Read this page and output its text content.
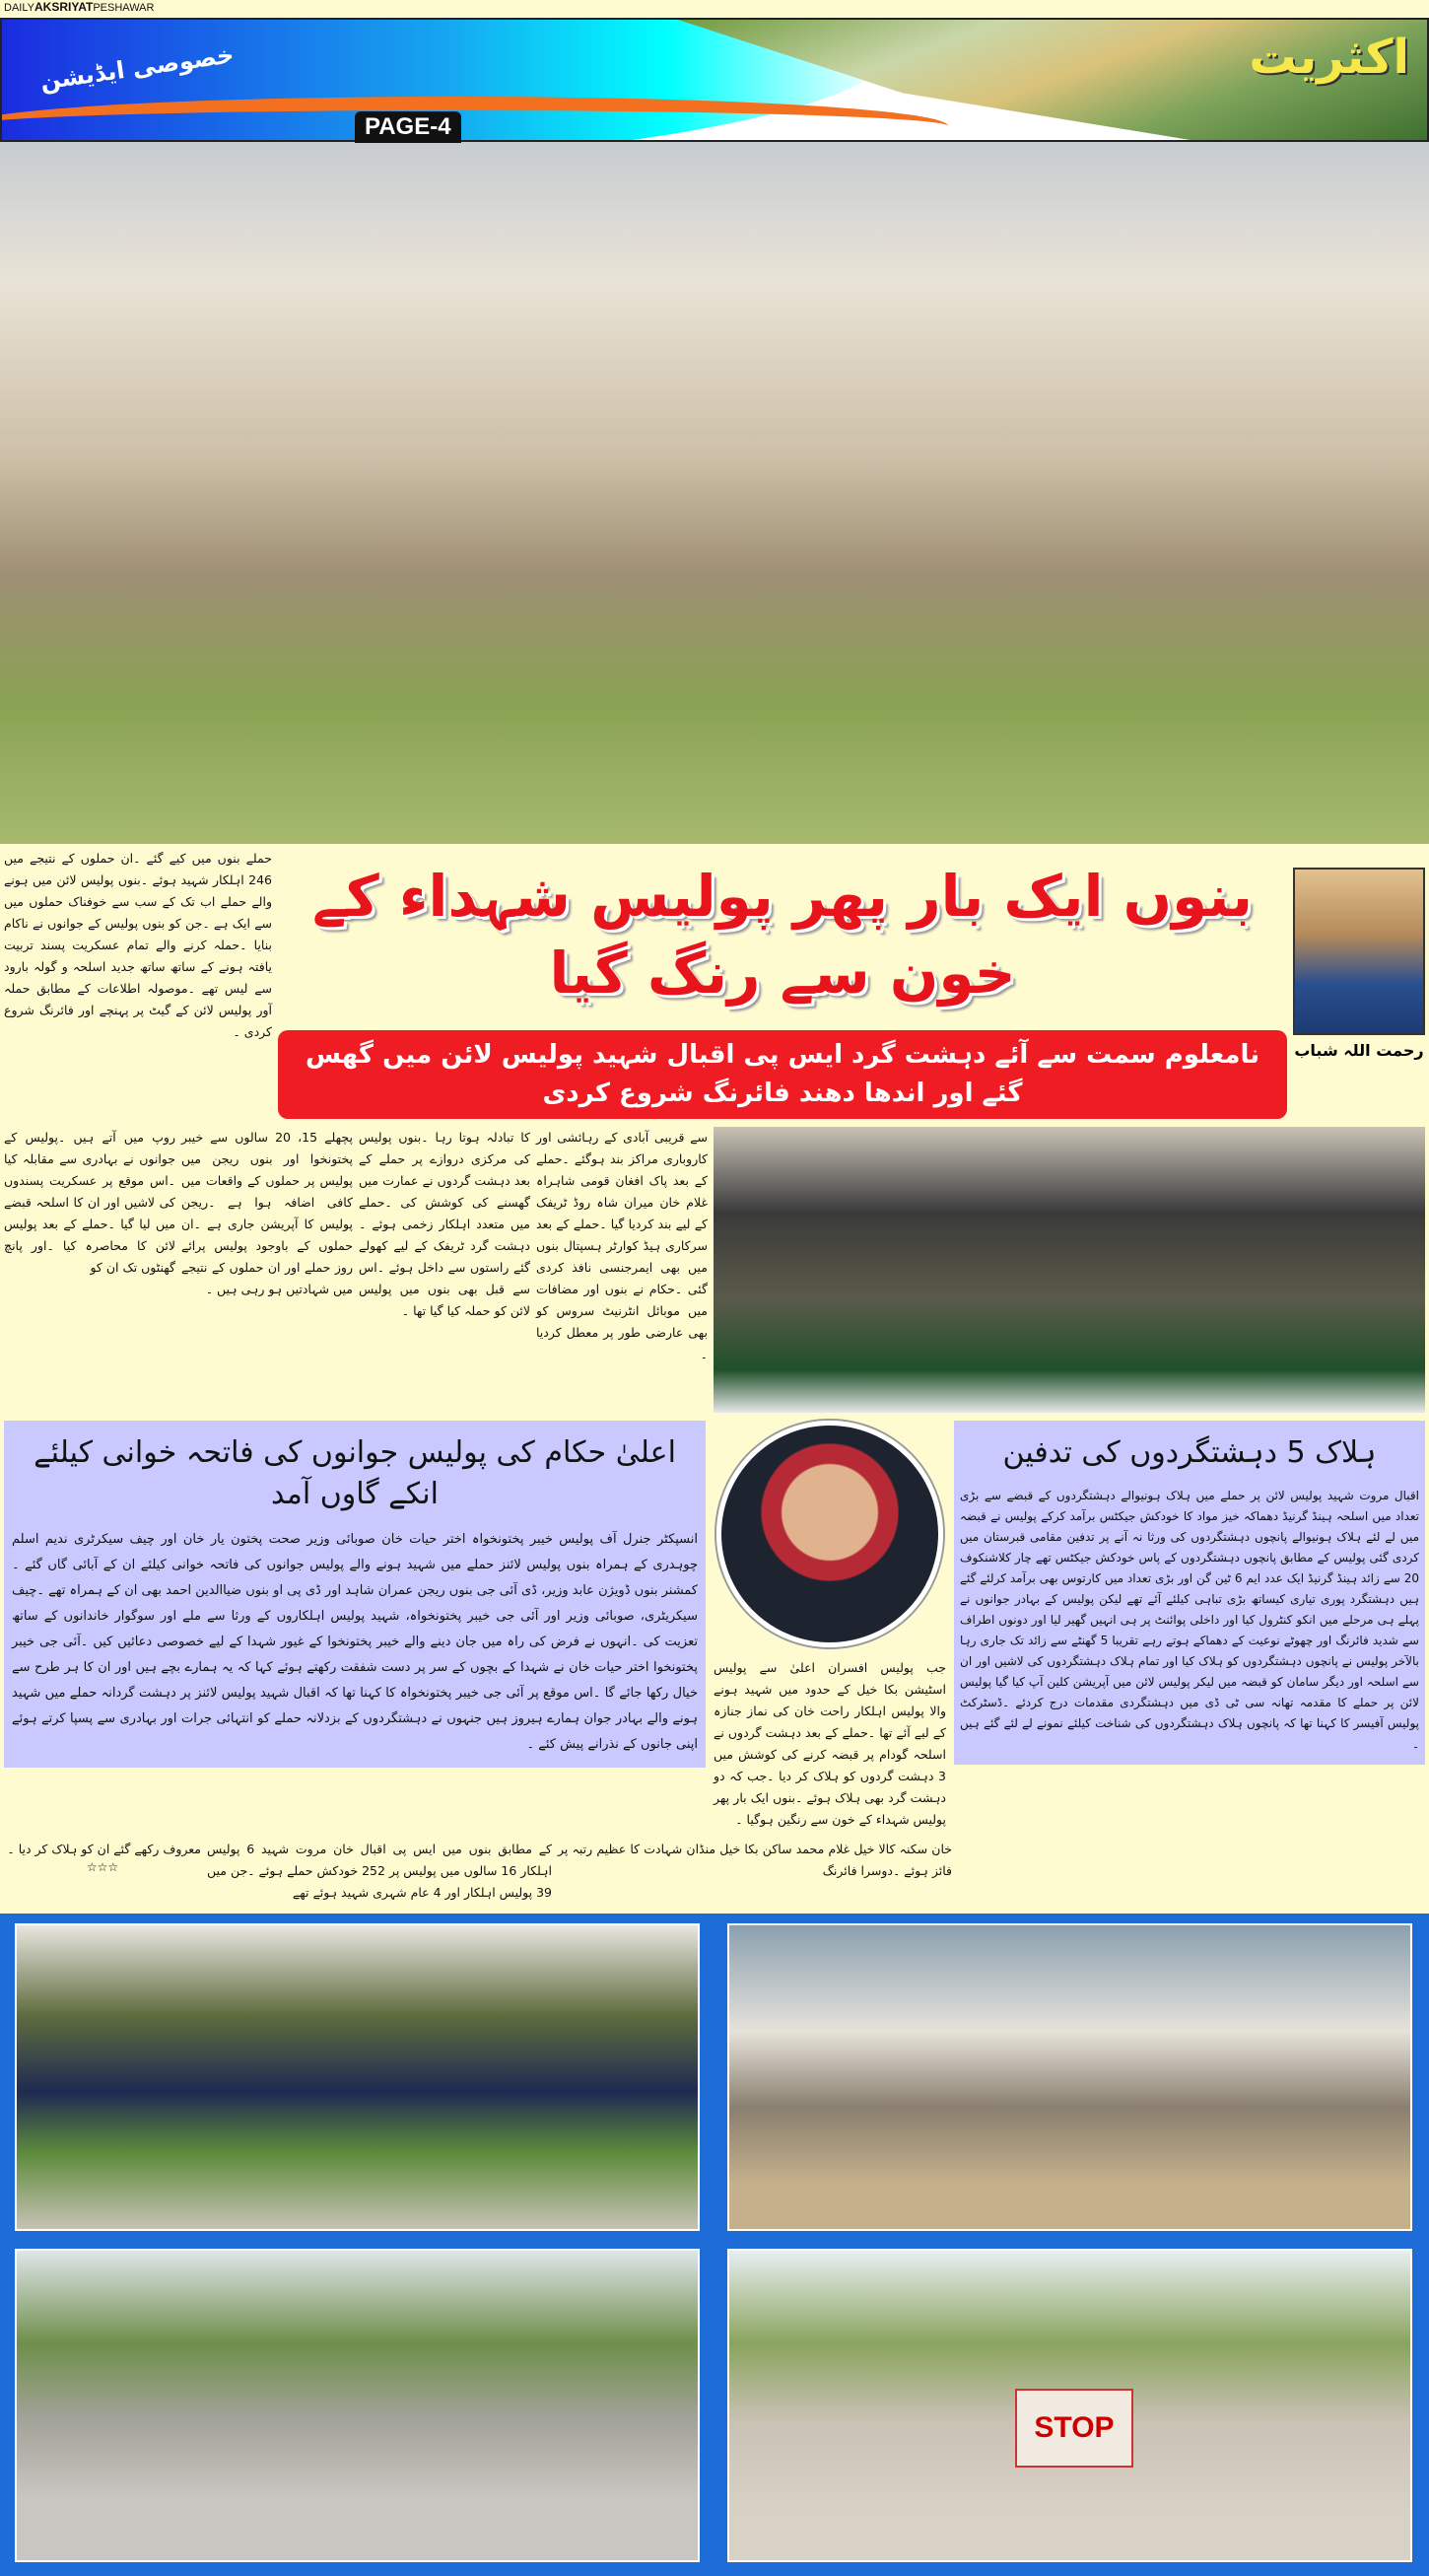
DAILYAKSRIYATPESHAWAR
خصوصی ایڈیشن	اکثریت
PAGE-4
حملے بنوں میں کیے گئے ۔ان حملوں کے نتیجے میں 246 اہلکار شہید ہوئے ۔بنوں پولیس لائن میں ہونے والے حملے اب تک کے سب سے خوفناک حملوں میں سے ایک ہے ۔جن کو بنوں پولیس کے جوانوں نے ناکام بنایا ۔حملہ کرنے والے تمام عسکریت پسند تربیت یافتہ ہونے کے ساتھ ساتھ جدید اسلحہ و گولہ بارود سے لیس تھے ۔موصولہ اطلاعات کے مطابق حملہ آور پولیس لائن کے گیٹ پر پہنچے اور فائرنگ شروع کردی ۔
بنوں ایک بار پھر پولیس شہداء کے خون سے رنگ گیا
نامعلوم سمت سے آئے دہشت گرد ایس پی اقبال شہید پولیس لائن میں گھس گئے اور اندھا دھند فائرنگ شروع کردی
رحمت اللہ شباب
روپ میں آتے ہیں ۔پولیس کے جوانوں نے بہادری سے مقابلہ کیا ۔اس موقع پر عسکریت پسندوں کی لاشیں اور ان کا اسلحہ قبضے میں لیا گیا ۔حملے کے بعد پولیس لائن کا محاصرہ کیا ۔اور پانچ گھنٹوں تک ان کو
پچھلے 15، 20 سالوں سے خیبر پختونخوا اور بنوں ریجن میں پولیس پر حملوں کے واقعات میں کافی اضافہ ہوا ہے ۔ریجن پولیس کا آپریشن جاری ہے ۔ان حملوں کے باوجود پولیس پرائے روز حملے اور ان حملوں کے نتیجے میں شہادتیں ہو رہی ہیں ۔
کا تبادلہ ہوتا رہا ۔بنوں پولیس کی مرکزی دروازے پر حملے کے بعد دہشت گردوں نے عمارت میں گھسنے کی کوشش کی ۔حملے میں متعدد اہلکار زخمی ہوئے ۔دہشت گرد ٹریفک کے لیے کھولے گئے راستوں سے داخل ہوئے ۔اس سے قبل بھی بنوں میں پولیس لائن کو حملہ کیا گیا تھا ۔
سے قریبی آبادی کے رہائشی اور کاروباری مراکز بند ہوگئے ۔حملے کے بعد پاک افغان قومی شاہراہ غلام خان میران شاہ روڈ ٹریفک کے لیے بند کردیا گیا ۔حملے کے بعد سرکاری ہیڈ کوارٹر ہسپتال بنوں میں بھی ایمرجنسی نافذ کردی گئی ۔حکام نے بنوں اور مضافات میں موبائل انٹرنیٹ سروس کو بھی عارضی طور پر معطل کردیا ۔
اعلیٰ حکام کی پولیس جوانوں کی فاتحہ خوانی کیلئے انکے گاوں آمد
انسپکٹر جنرل آف پولیس خیبر پختونخواہ اختر حیات خان صوبائی وزیر صحت پختون یار خان اور چیف سیکرٹری ندیم اسلم چوہدری کے ہمراہ بنوں پولیس لائنز حملے میں شہید ہونے والے پولیس جوانوں کی فاتحہ خوانی کیلئے ان کے آبائی گاں گئے ۔کمشنر بنوں ڈویژن عابد وزیر، ڈی آئی جی بنوں ریجن عمران شاہد اور ڈی پی او بنوں ضیاالدین احمد بھی ان کے ہمراہ تھے ۔چیف سیکریٹری، صوبائی وزیر اور آئی جی خیبر پختونخواہ، شہید پولیس اہلکاروں کے ورثا سے ملے اور سوگوار خاندانوں کے ساتھ تعزیت کی ۔انہوں نے فرض کی راہ میں جان دینے والے خیبر پختونخوا کے غیور شہدا کے لیے خصوصی دعائیں کیں ۔آئی جی خیبر پختونخوا اختر حیات خان نے شہدا کے بچوں کے سر پر دست شفقت رکھتے ہوئے کہا کہ یہ ہمارے بچے ہیں اور ان کا ہر طرح سے خیال رکھا جائے گا ۔اس موقع پر آئی جی خیبر پختونخواہ کا کہنا تھا کہ اقبال شہید پولیس لائنز پر دہشت گردانہ حملے میں شہید ہونے والے بہادر جوان ہمارے ہیروز ہیں جنہوں نے دہشتگردوں کے بزدلانہ حملے کو انتہائی جرات اور بہادری سے پسپا کرتے ہوئے اپنی جانوں کے نذرانے پیش کئے ۔
جب پولیس افسران اعلیٰ سے پولیس اسٹیشن بکا خیل کے حدود میں شہید ہونے والا پولیس اہلکار راحت خان کی نماز جنازہ کے لیے آئے تھا ۔حملے کے بعد دہشت گردوں نے اسلحہ گودام پر قبضہ کرنے کی کوشش میں 3 دہشت گردوں کو ہلاک کر دیا ۔جب کہ دو دہشت گرد بھی ہلاک ہوئے ۔بنوں ایک بار پھر پولیس شہداء کے خون سے رنگین ہوگیا ۔
ہلاک 5 دہشتگردوں کی تدفین
اقبال مروت شہید پولیس لائن پر حملے میں ہلاک ہونیوالے دہشتگردوں کے قبضے سے بڑی تعداد میں اسلحہ ہینڈ گرنیڈ دھماکہ خیز مواد کا خودکش جیکٹس برآمد کرکے پولیس نے قبضہ میں لے لئے ہلاک ہونیوالے پانچوں دہشتگردوں کی ورثا نہ آنے پر تدفین مقامی قبرستان میں کردی گئی پولیس کے مطابق پانچوں دہشتگردوں کے پاس خودکش جیکٹس تھے چار کلاشنکوف 20 سے زائد ہینڈ گرنیڈ ایک عدد ایم 6 ٹین گن اور بڑی تعداد میں کارتوس بھی برآمد کرلئے گئے ہیں دہشتگرد پوری تیاری کیساتھ بڑی تباہی کیلئے آئے تھے لیکن پولیس کے بہادر جوانوں نے پہلے ہی مرحلے میں انکو کنٹرول کیا اور داخلی پوائنٹ پر ہی انہیں گھیر لیا اور دونوں اطراف سے شدید فائرنگ اور چھوٹے نوعیت کے دھماکے ہوتے رہے تقریبا 5 گھنٹے سے زائد تک جاری رہا بالآخر پولیس نے پانچوں دہشتگردوں کو ہلاک کیا اور تمام ہلاک دہشتگردوں کی لاشیں اور ان سے اسلحہ اور دیگر سامان کو قبضہ میں لیکر پولیس لائن میں آپریشن کلین آپ کیا گیا پولیس لائن پر حملے کا مقدمہ تھانہ سی ٹی ڈی میں دہشتگردی مقدمات درج کردئے ۔ڈسٹرکٹ پولیس آفیسر کا کہنا تھا کہ پانچوں ہلاک دہشتگردوں کی شناخت کیلئے نمونے لے لئے گئے ہیں ۔
معروف رکھے گئے ان کو ہلاک کر دیا ۔
☆☆☆
کے مطابق بنوں میں ایس پی اقبال خان مروت شہید 6 پولیس اہلکار 16 سالوں میں پولیس پر 252 خودکش حملے ہوئے ۔جن میں 39 پولیس اہلکار اور 4 عام شہری شہید ہوئے تھے
خان سکنہ کالا خیل غلام محمد ساکن بکا خیل منڈان شہادت کا عظیم رتبہ پر فائز ہوئے ۔دوسرا فائرنگ
STOP
